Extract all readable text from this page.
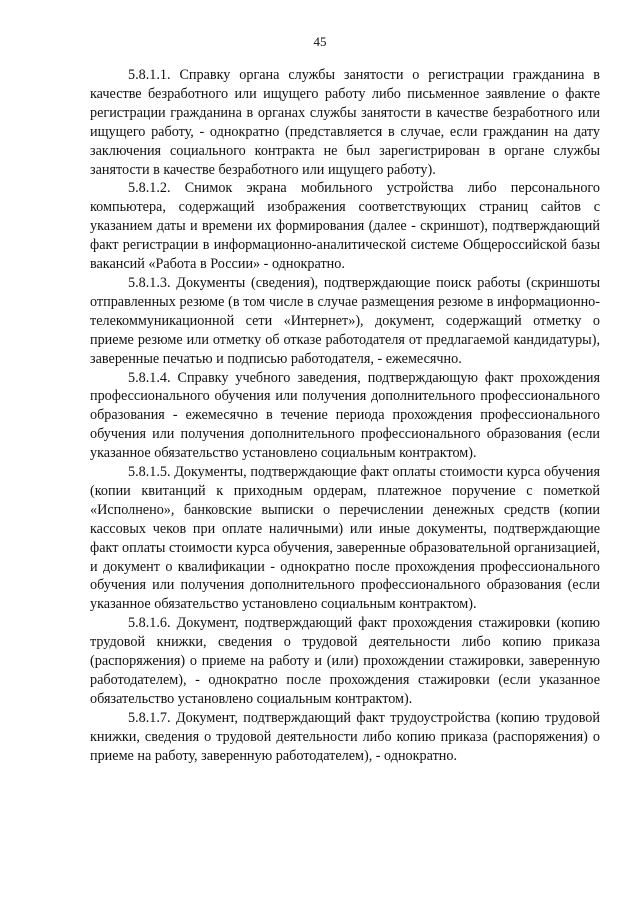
45

5.8.1.1. Справку органа службы занятости о регистрации гражданина в качестве безработного или ищущего работу либо письменное заявление о факте регистрации гражданина в органах службы занятости в качестве безработного или ищущего работу, - однократно (представляется в случае, если гражданин на дату заключения социального контракта не был зарегистрирован в органе службы занятости в качестве безработного или ищущего работу).

5.8.1.2. Снимок экрана мобильного устройства либо персонального компьютера, содержащий изображения соответствующих страниц сайтов с указанием даты и времени их формирования (далее - скриншот), подтверждающий факт регистрации в информационно-аналитической системе Общероссийской базы вакансий «Работа в России» - однократно.

5.8.1.3. Документы (сведения), подтверждающие поиск работы (скриншоты отправленных резюме (в том числе в случае размещения резюме в информационно-телекоммуникационной сети «Интернет»), документ, содержащий отметку о приеме резюме или отметку об отказе работодателя от предлагаемой кандидатуры), заверенные печатью и подписью работодателя, - ежемесячно.

5.8.1.4. Справку учебного заведения, подтверждающую факт прохождения профессионального обучения или получения дополнительного профессионального образования - ежемесячно в течение периода прохождения профессионального обучения или получения дополнительного профессионального образования (если указанное обязательство установлено социальным контрактом).

5.8.1.5. Документы, подтверждающие факт оплаты стоимости курса обучения (копии квитанций к приходным ордерам, платежное поручение с пометкой «Исполнено», банковские выписки о перечислении денежных средств (копии кассовых чеков при оплате наличными) или иные документы, подтверждающие факт оплаты стоимости курса обучения, заверенные образовательной организацией, и документ о квалификации - однократно после прохождения профессионального обучения или получения дополнительного профессионального образования (если указанное обязательство установлено социальным контрактом).

5.8.1.6. Документ, подтверждающий факт прохождения стажировки (копию трудовой книжки, сведения о трудовой деятельности либо копию приказа (распоряжения) о приеме на работу и (или) прохождении стажировки, заверенную работодателем), - однократно после прохождения стажировки (если указанное обязательство установлено социальным контрактом).

5.8.1.7. Документ, подтверждающий факт трудоустройства (копию трудовой книжки, сведения о трудовой деятельности либо копию приказа (распоряжения) о приеме на работу, заверенную работодателем), - однократно.
